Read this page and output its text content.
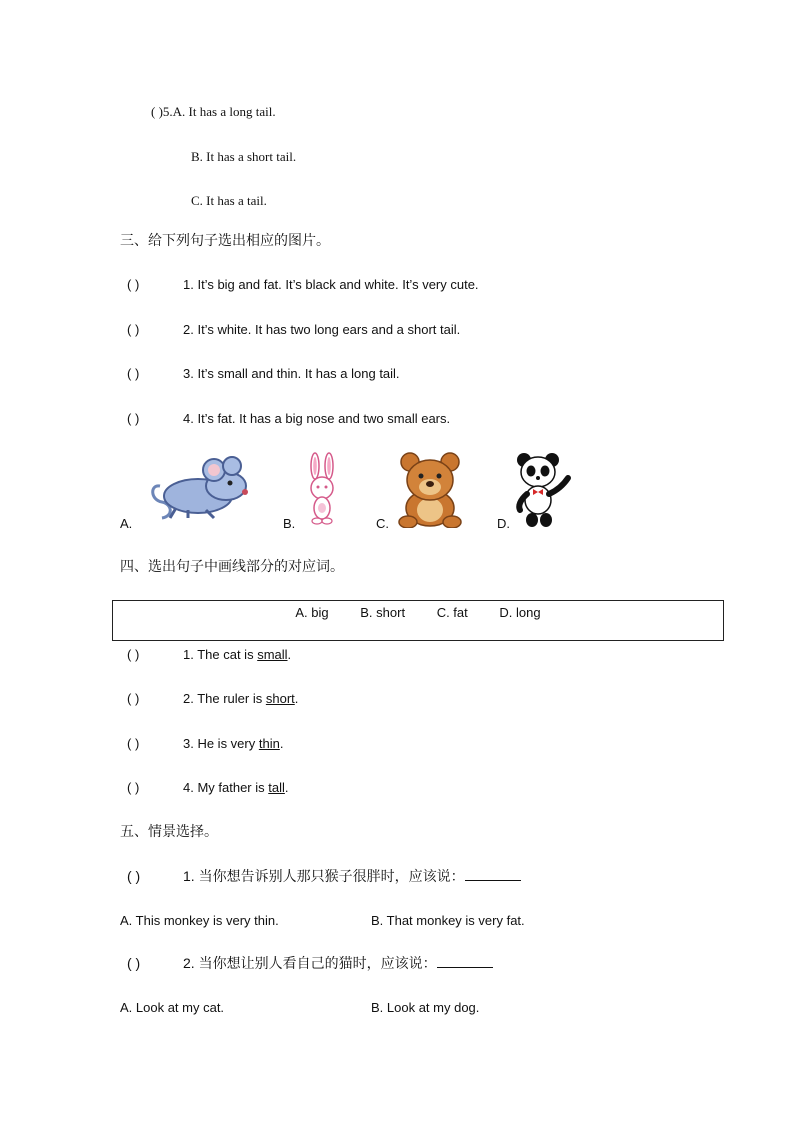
( )5.A. It has a long tail.
B. It has a short tail.
C. It has a tail.
三、给下列句子选出相应的图片。
( )	1. It’s big and fat. It’s black and white. It’s very cute.
( )	2. It’s white. It has two long ears and a short tail.
( )	3. It’s small and thin. It has a long tail.
( )	4. It’s fat. It has a big nose and two small ears.
A.	B.	C.	D.
四、选出句子中画线部分的对应词。
A. big B. short C. fat D. long
( )	1. The cat is small.
( )	2. The ruler is short.
( )	3. He is very thin.
( )	4. My father is tall.
五、情景选择。
( )	1. 当你想告诉别人那只猴子很胖时，应该说：
A. This monkey is very thin.	B. That monkey is very fat.
( )	2. 当你想让别人看自己的猫时，应该说：
A. Look at my cat.	B. Look at my dog.
